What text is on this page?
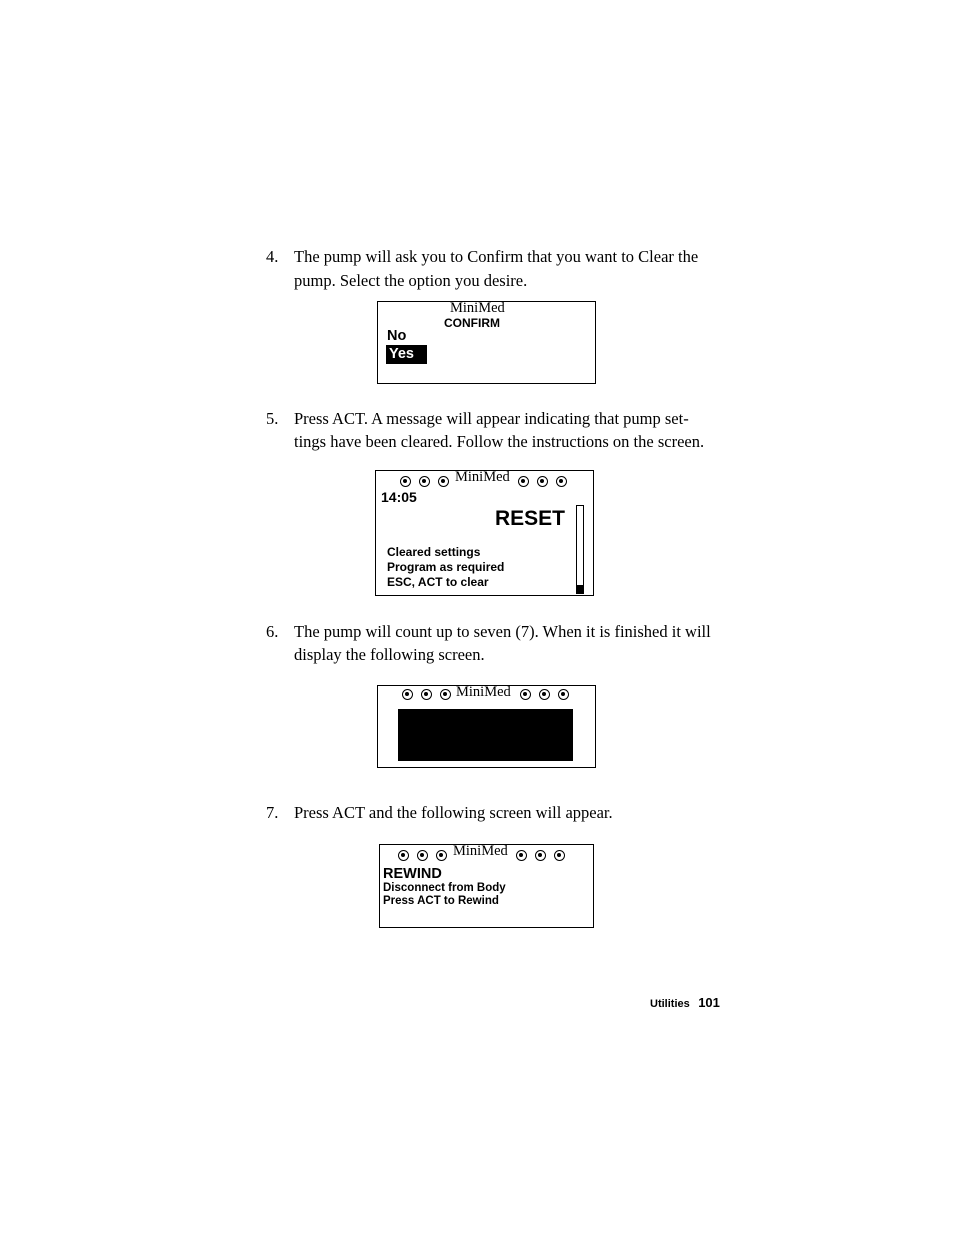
4. The pump will ask you to Confirm that you want to Clear the
pump. Select the option you desire.
MiniMed
CONFIRM
No
Yes
5. Press ACT. A message will appear indicating that pump set-
tings have been cleared. Follow the instructions on the screen.
MiniMed
14:05
RESET
Cleared settings
Program as required
ESC, ACT to clear
6. The pump will count up to seven (7). When it is finished it will
display the following screen.
MiniMed
7. Press ACT and the following screen will appear.
MiniMed
REWIND
Disconnect from Body
Press ACT to Rewind
Utilities 101
